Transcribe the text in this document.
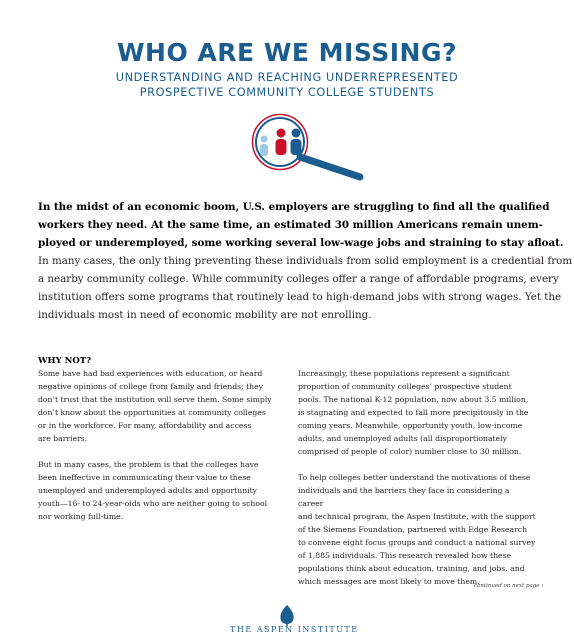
WHO ARE WE MISSING?
UNDERSTANDING AND REACHING UNDERREPRESENTED
PROSPECTIVE COMMUNITY COLLEGE STUDENTS
In the midst of an economic boom, U.S. employers are struggling to find all the qualified
workers they need. At the same time, an estimated 30 million Americans remain unem-
ployed or underemployed, some working several low-wage jobs and straining to stay afloat.
In many cases, the only thing preventing these individuals from solid employment is a credential from
a nearby community college. While community colleges offer a range of affordable programs, every
institution offers some programs that routinely lead to high-demand jobs with strong wages. Yet the
individuals most in need of economic mobility are not enrolling.
WHY NOT?

Some have had bad experiences with education, or heard
negative opinions of college from family and friends; they
don’t trust that the institution will serve them. Some simply
don’t know about the opportunities at community colleges
or in the workforce. For many, affordability and access
are barriers.

But in many cases, the problem is that the colleges have
been ineffective in communicating their value to these
unemployed and underemployed adults and opportunity
youth—16- to 24-year-olds who are neither going to school
nor working full-time.

Increasingly, these populations represent a significant
proportion of community colleges’ prospective student
pools. The national K-12 population, now about 3.5 million,
is stagnating and expected to fall more precipitously in the
coming years. Meanwhile, opportunity youth, low-income
adults, and unemployed adults (all disproportionately
comprised of people of color) number close to 30 million.

To help colleges better understand the motivations of these
individuals and the barriers they face in considering a career
and technical program, the Aspen Institute, with the support
of the Siemens Foundation, partnered with Edge Research
to convene eight focus groups and conduct a national survey
of 1,885 individuals. This research revealed how these
populations think about education, training, and jobs, and
which messages are most likely to move them.

continued on next page ›
THE ASPEN INSTITUTE
